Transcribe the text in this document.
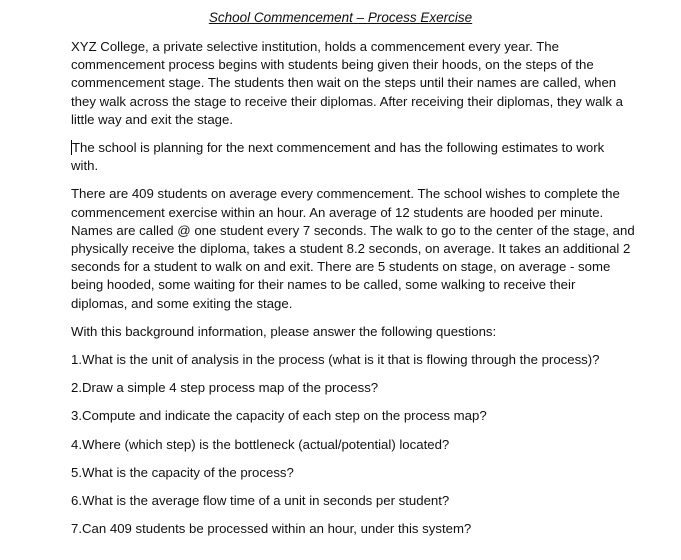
School Commencement – Process Exercise
XYZ College, a private selective institution, holds a commencement every year. The
commencement process begins with students being given their hoods, on the steps of the
commencement stage. The students then wait on the steps until their names are called, when
they walk across the stage to receive their diplomas. After receiving their diplomas, they walk a
little way and exit the stage.
The school is planning for the next commencement and has the following estimates to work
with.
There are 409 students on average every commencement. The school wishes to complete the
commencement exercise within an hour. An average of 12 students are hooded per minute.
Names are called @ one student every 7 seconds. The walk to go to the center of the stage, and
physically receive the diploma, takes a student 8.2 seconds, on average. It takes an additional 2
seconds for a student to walk on and exit. There are 5 students on stage, on average - some
being hooded, some waiting for their names to be called, some walking to receive their
diplomas, and some exiting the stage.
With this background information, please answer the following questions:
1.What is the unit of analysis in the process (what is it that is flowing through the process)?
2.Draw a simple 4 step process map of the process?
3.Compute and indicate the capacity of each step on the process map?
4.Where (which step) is the bottleneck (actual/potential) located?
5.What is the capacity of the process?
6.What is the average flow time of a unit in seconds per student?
7.Can 409 students be processed within an hour, under this system?
